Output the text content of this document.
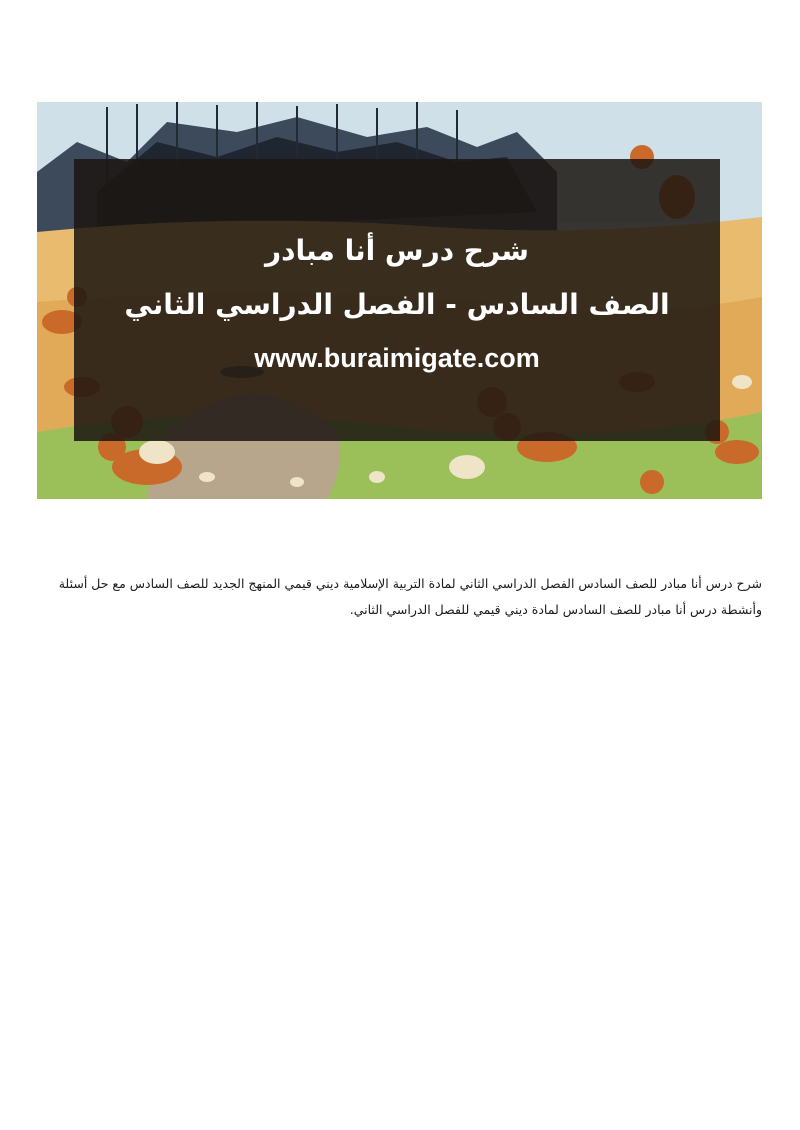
شرح درس أنا مبادر
الصف السادس - الفصل الدراسي الثاني
www.buraimigate.com

شرح درس أنا مبادر للصف السادس الفصل الدراسي الثاني لمادة التربية الإسلامية ديني قيمي المنهج الجديد للصف السادس مع حل أسئلة وأنشطة درس أنا مبادر للصف السادس لمادة ديني قيمي للفصل الدراسي الثاني.
